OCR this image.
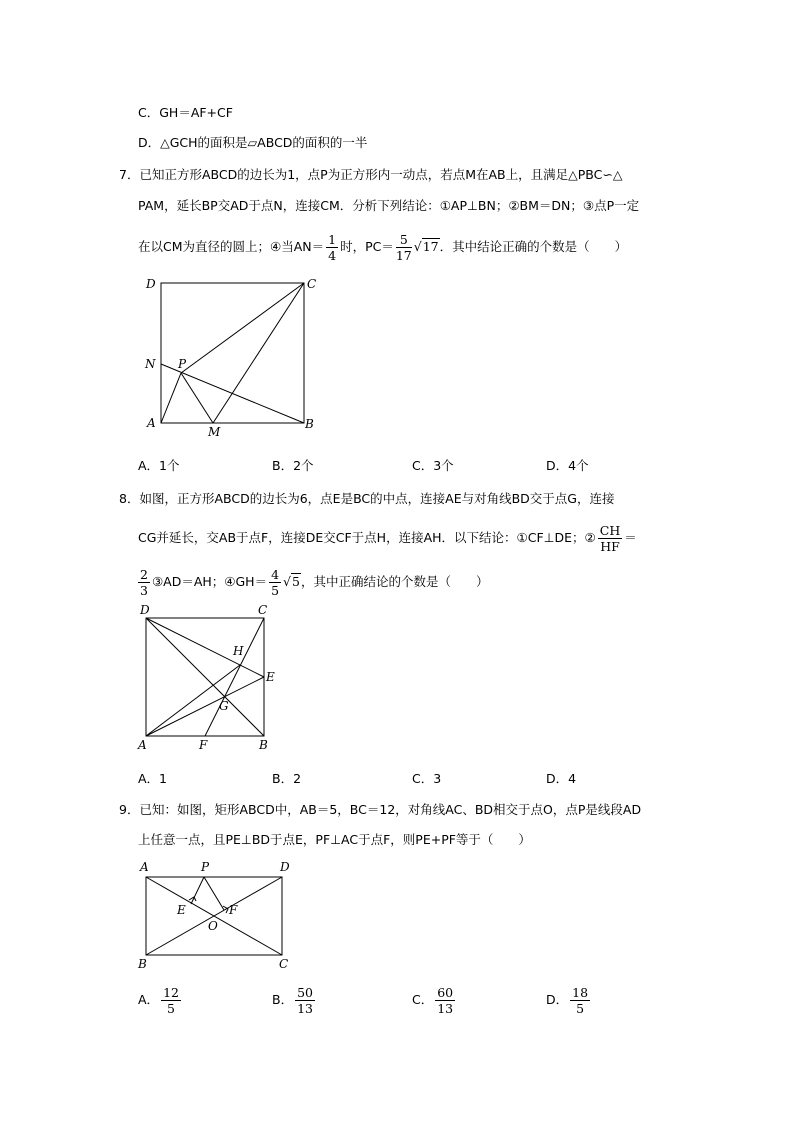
C．GH＝AF+CF
D．△GCH的面积是▱ABCD的面积的一半
7．已知正方形ABCD的边长为1，点P为正方形内一动点，若点M在AB上，且满足△PBC∽△
PAM，延长BP交AD于点N，连接CM．分析下列结论：①AP⊥BN；②BM＝DN；③点P一定
在以CM为直径的圆上；④当$AN= \frac{1}{4}$ 时，$PC= \frac{5}{17} √17$．其中结论正确的个数是（　　）
D	C
N P
A
M
B
A．1个	B．2个	C．3个	D．4个
8．如图，正方形ABCD的边长为6，点E是BC的中点，连接AE与对角线BD交于点G，连接
CG并延长，交AB于点F，连接DE交CF于点H，连接AH．以下结论：①CF⊥DE；② $\frac{CH}{HF}$ ＝
$\frac{2}{3}$ ③AD＝AH；④GH＝ $\frac{4}{5} √5$，其中正确结论的个数是（　　）
D	C
H
E
G
A	F	B
A．1	B．2	C．3	D．4
9．已知：如图，矩形ABCD中，AB＝5，BC＝12，对角线AC、BD相交于点O，点P是线段AD
上任意一点，且PE⊥BD于点E，PF⊥AC于点F，则PE+PF等于（　　）
A	P	D
E	F
O
B	C
A． $\frac{12}{5}$	B． $\frac{50}{13}$	C． $\frac{60}{13}$	D． $\frac{18}{5}$
